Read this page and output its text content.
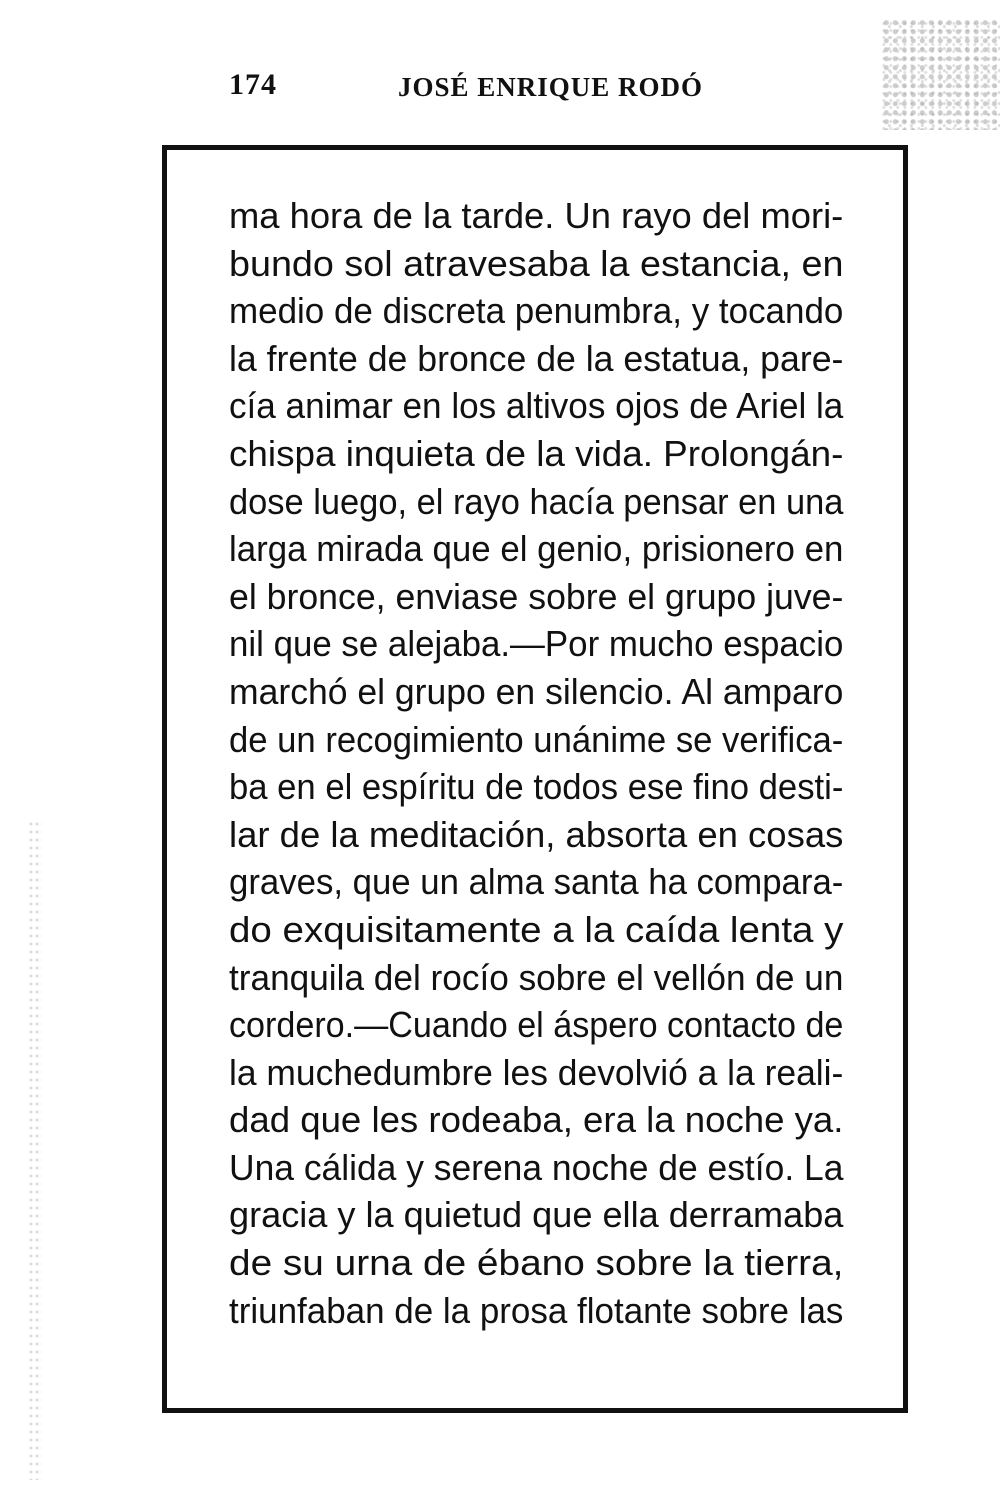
174	JOSÉ ENRIQUE RODÓ
ma hora de la tarde. Un rayo del mori-
bundo sol atravesaba la estancia, en
medio de discreta penumbra, y tocando
la frente de bronce de la estatua, pare-
cía animar en los altivos ojos de Ariel la
chispa inquieta de la vida. Prolongán-
dose luego, el rayo hacía pensar en una
larga mirada que el genio, prisionero en
el bronce, enviase sobre el grupo juve-
nil que se alejaba.—Por mucho espacio
marchó el grupo en silencio. Al amparo
de un recogimiento unánime se verifica-
ba en el espíritu de todos ese fino desti-
lar de la meditación, absorta en cosas
graves, que un alma santa ha compara-
do exquisitamente a la caída lenta y
tranquila del rocío sobre el vellón de un
cordero.—Cuando el áspero contacto de
la muchedumbre les devolvió a la reali-
dad que les rodeaba, era la noche ya.
Una cálida y serena noche de estío. La
gracia y la quietud que ella derramaba
de su urna de ébano sobre la tierra,
triunfaban de la prosa flotante sobre las
